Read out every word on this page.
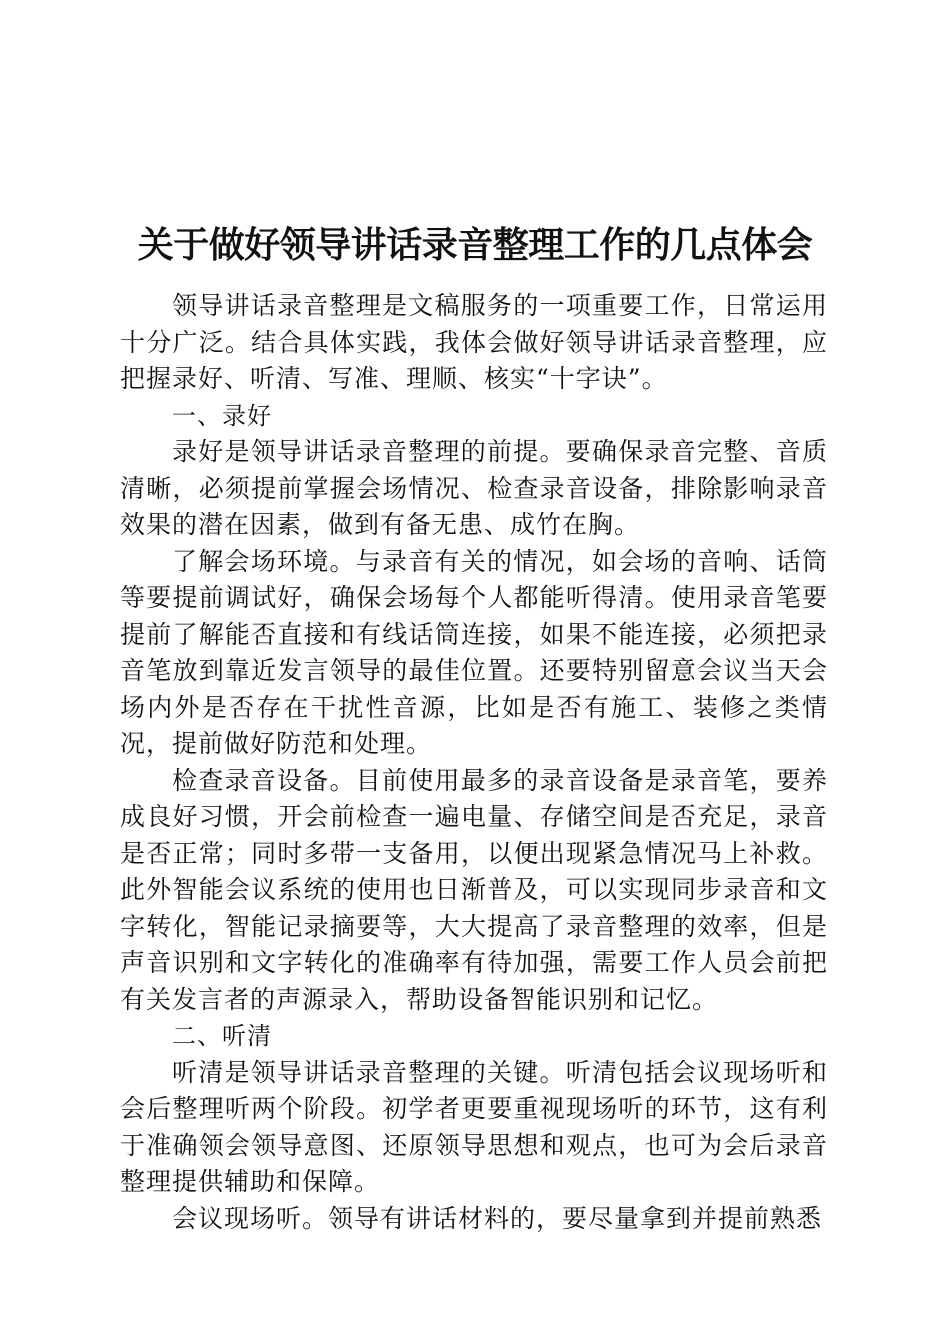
关于做好领导讲话录音整理工作的几点体会

领导讲话录音整理是文稿服务的一项重要工作，日常运用十分广泛。结合具体实践，我体会做好领导讲话录音整理，应把握录好、听清、写准、理顺、核实“十字诀”。

一、录好

录好是领导讲话录音整理的前提。要确保录音完整、音质清晰，必须提前掌握会场情况、检查录音设备，排除影响录音效果的潜在因素，做到有备无患、成竹在胸。

了解会场环境。与录音有关的情况，如会场的音响、话筒等要提前调试好，确保会场每个人都能听得清。使用录音笔要提前了解能否直接和有线话筒连接，如果不能连接，必须把录音笔放到靠近发言领导的最佳位置。还要特别留意会议当天会场内外是否存在干扰性音源，比如是否有施工、装修之类情况，提前做好防范和处理。

检查录音设备。目前使用最多的录音设备是录音笔，要养成良好习惯，开会前检查一遍电量、存储空间是否充足，录音是否正常；同时多带一支备用，以便出现紧急情况马上补救。此外智能会议系统的使用也日渐普及，可以实现同步录音和文字转化，智能记录摘要等，大大提高了录音整理的效率，但是声音识别和文字转化的准确率有待加强，需要工作人员会前把有关发言者的声源录入，帮助设备智能识别和记忆。

二、听清

听清是领导讲话录音整理的关键。听清包括会议现场听和会后整理听两个阶段。初学者更要重视现场听的环节，这有利于准确领会领导意图、还原领导思想和观点，也可为会后录音整理提供辅助和保障。

会议现场听。领导有讲话材料的，要尽量拿到并提前熟悉
